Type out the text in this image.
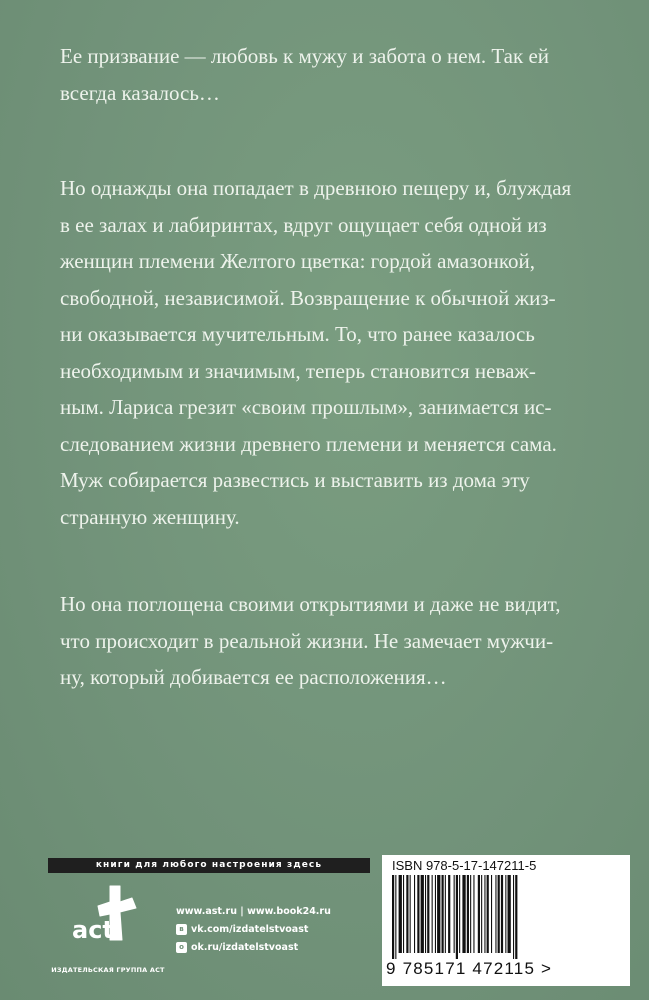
Ее призвание — любовь к мужу и забота о нем. Так ей
всегда казалось…
Но однажды она попадает в древнюю пещеру и, блуждая
в ее залах и лабиринтах, вдруг ощущает себя одной из
женщин племени Желтого цветка: гордой амазонкой,
свободной, независимой. Возвращение к обычной жиз-
ни оказывается мучительным. То, что ранее казалось
необходимым и значимым, теперь становится неваж-
ным. Лариса грезит «своим прошлым», занимается ис-
следованием жизни древнего племени и меняется сама.
Муж собирается развестись и выставить из дома эту
странную женщину.
Но она поглощена своими открытиями и даже не видит,
что происходит в реальной жизни. Не замечает мужчи-
ну, который добивается ее расположения…
книги для любого настроения здесь
act
ИЗДАТЕЛЬСКАЯ ГРУППА АСТ
www.ast.ru | www.book24.ru
в vk.com/izdatelstvoast
о ok.ru/izdatelstvoast
ISBN 978-5-17-147211-5
9 785171 472115 >
